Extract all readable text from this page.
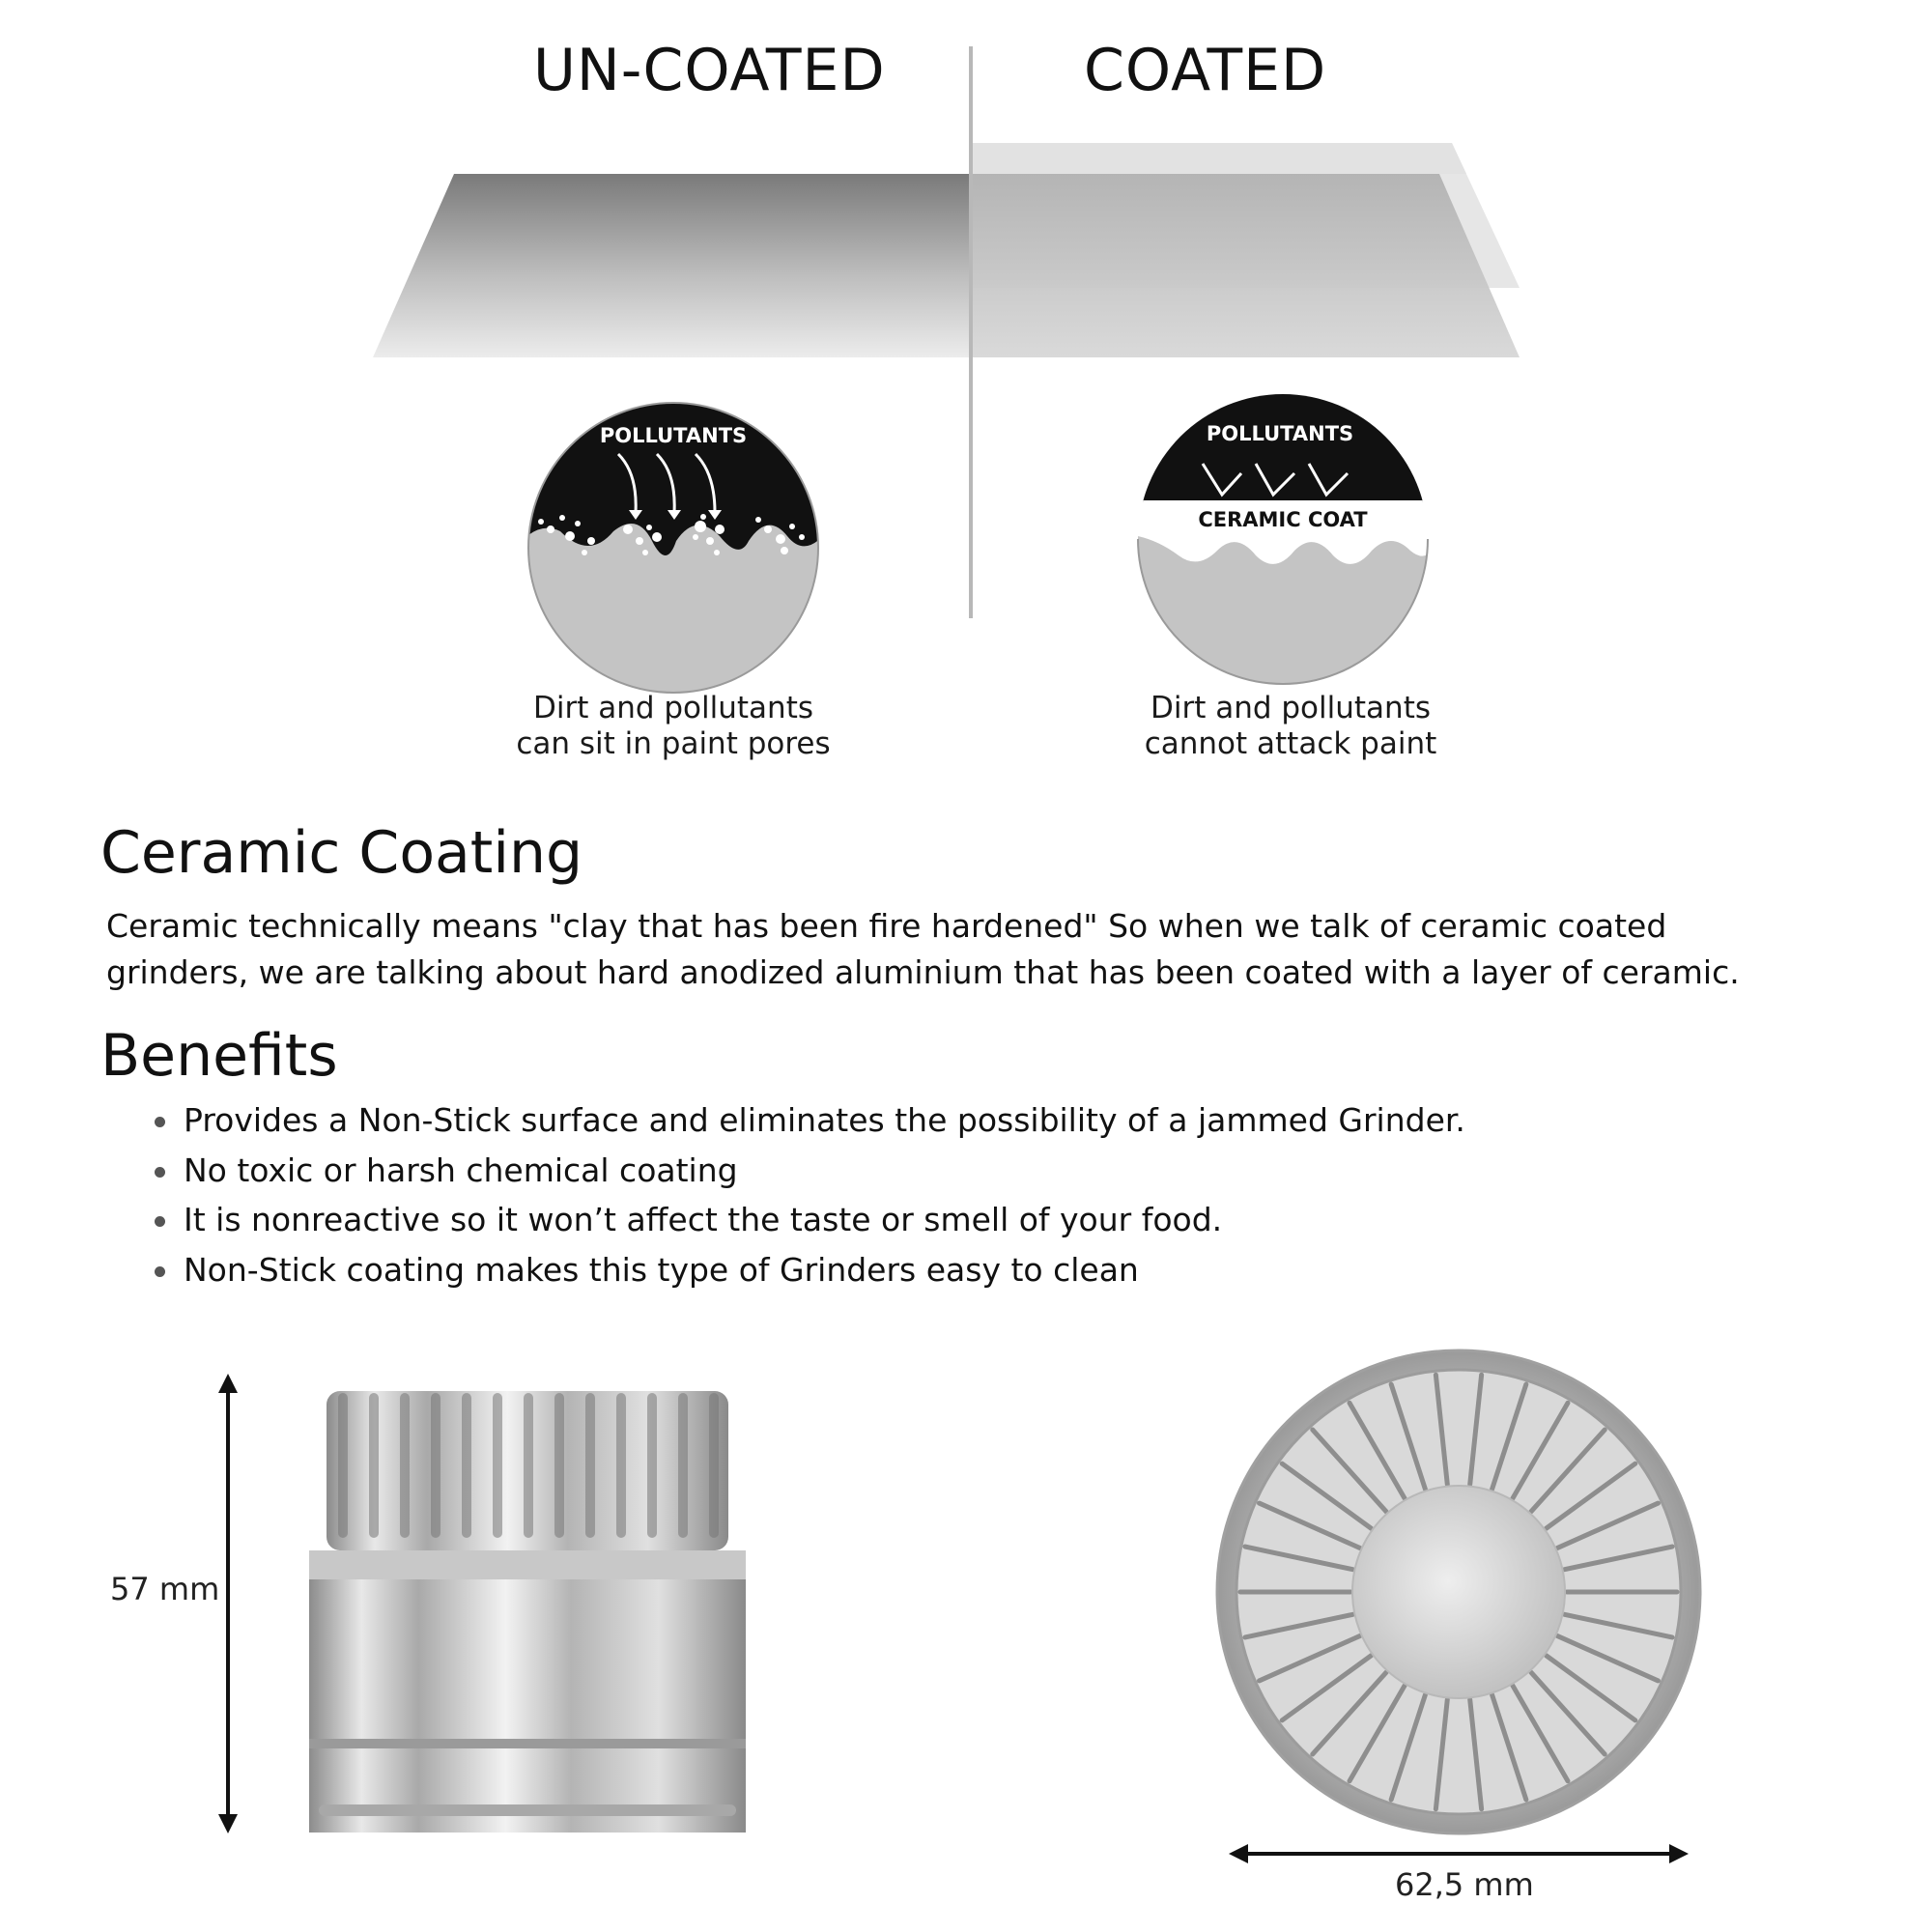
UN-COATED	COATED
POLLUTANTS	POLLUTANTS
CERAMIC COAT
Dirt and pollutants
can sit in paint pores
Dirt and pollutants
cannot attack paint
Ceramic Coating
Ceramic technically means "clay that has been fire hardened" So when we talk of ceramic coated
grinders, we are talking about hard anodized aluminium that has been coated with a layer of ceramic.
Benefits
Provides a Non-Stick surface and eliminates the possibility of a jammed Grinder.
No toxic or harsh chemical coating
It is nonreactive so it won’t affect the taste or smell of your food.
Non-Stick coating makes this type of Grinders easy to clean
57 mm
62,5 mm
